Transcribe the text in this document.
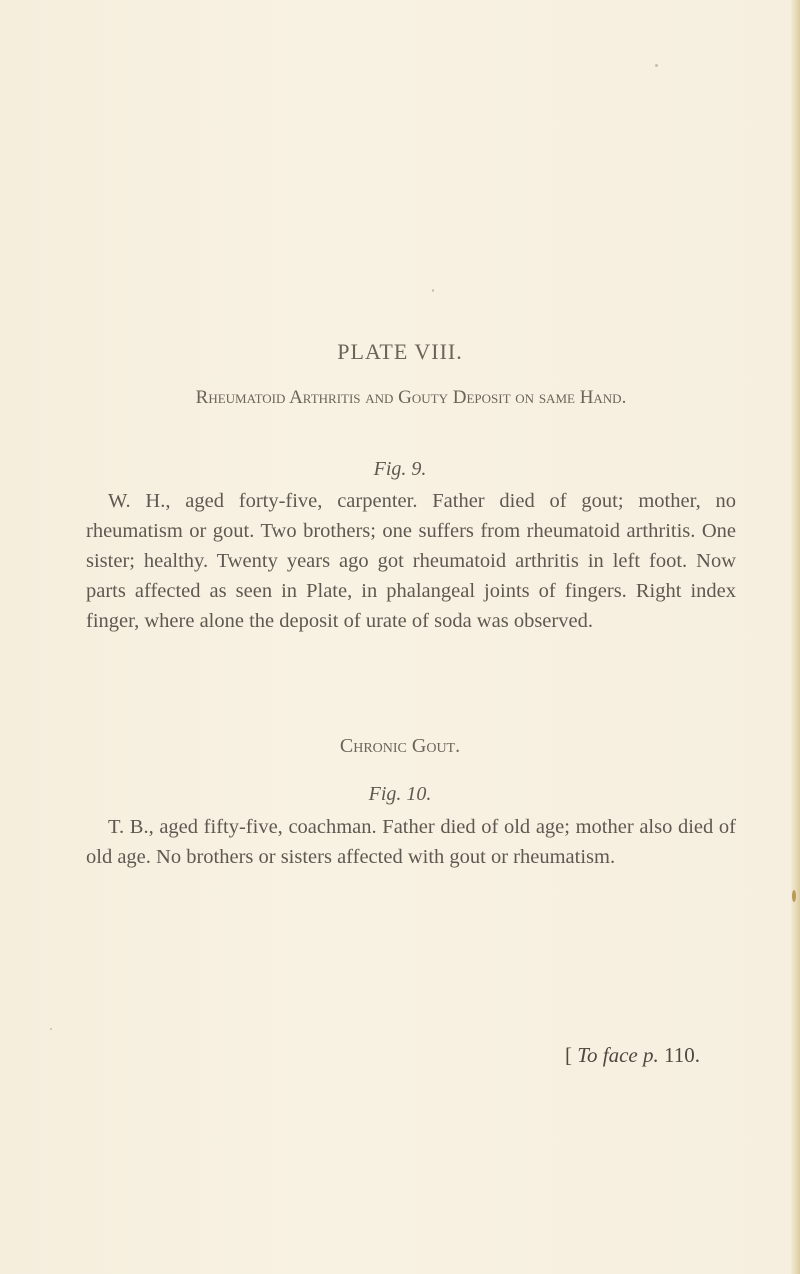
PLATE VIII.
Rheumatoid Arthritis and Gouty Deposit on same Hand.
Fig. 9.

W. H., aged forty-five, carpenter. Father died of gout; mother, no rheumatism or gout. Two brothers; one suffers from rheumatoid arthritis. One sister; healthy. Twenty years ago got rheumatoid arthritis in left foot. Now parts affected as seen in Plate, in phalangeal joints of fingers. Right index finger, where alone the deposit of urate of soda was observed.

Chronic Gout.
Fig. 10.

T. B., aged fifty-five, coachman. Father died of old age; mother also died of old age. No brothers or sisters affected with gout or rheumatism.

[ To face p. 110.
